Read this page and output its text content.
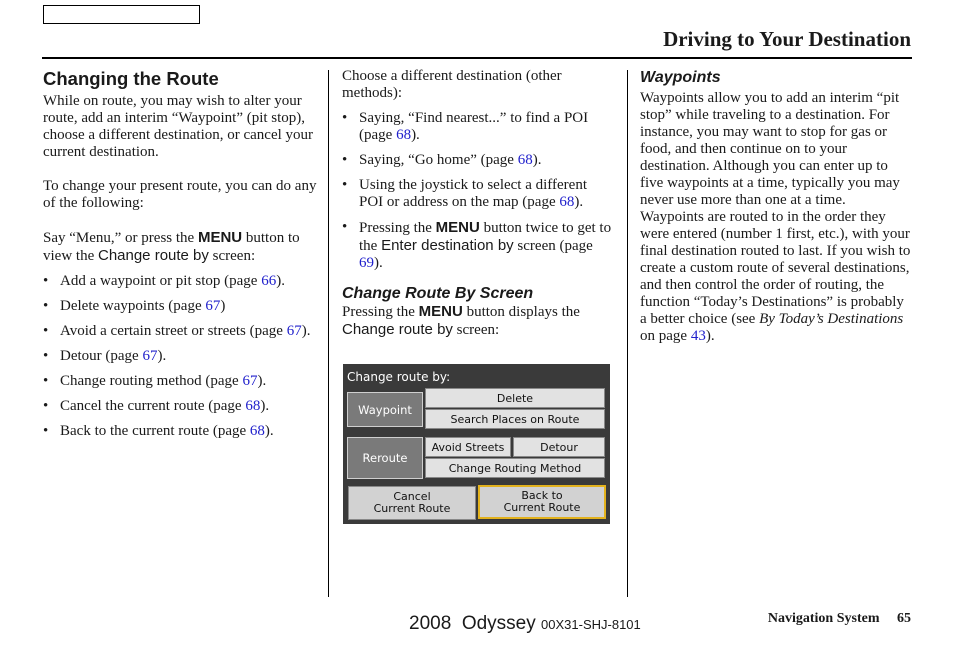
Driving to Your Destination
Changing the Route

While on route, you may wish to alter your route, add an interim “Waypoint” (pit stop), choose a different destination, or cancel your current destination.

To change your present route, you can do any of the following:

Say “Menu,” or press the MENU button to view the Change route by screen:

• Add a waypoint or pit stop (page 66).
• Delete waypoints (page 67)
• Avoid a certain street or streets (page 67).
• Detour (page 67).
• Change routing method (page 67).
• Cancel the current route (page 68).
• Back to the current route (page 68).

Choose a different destination (other methods):

• Saying, “Find nearest...” to find a POI (page 68).
• Saying, “Go home” (page 68).
• Using the joystick to select a different POI or address on the map (page 68).
• Pressing the MENU button twice to get to the Enter destination by screen (page 69).
Change Route By Screen

Pressing the MENU button displays the Change route by screen:

Change route by:
Waypoint
Delete
Search Places on Route
Reroute
Avoid Streets	Detour
Change Routing Method
Cancel
Current Route
Back to
Current Route
Waypoints

Waypoints allow you to add an interim “pit stop” while traveling to a destination. For instance, you may want to stop for gas or food, and then continue on to your destination. Although you can enter up to five waypoints at a time, typically you may never use more than one at a time. Waypoints are routed to in the order they were entered (number 1 first, etc.), with your final destination routed to last. If you wish to create a custom route of several destinations, and then control the order of routing, the function “Today’s Destinations” is probably a better choice (see By Today’s Destinations on page 43).

2008  Odyssey 00X31-SHJ-8101	Navigation System 65
